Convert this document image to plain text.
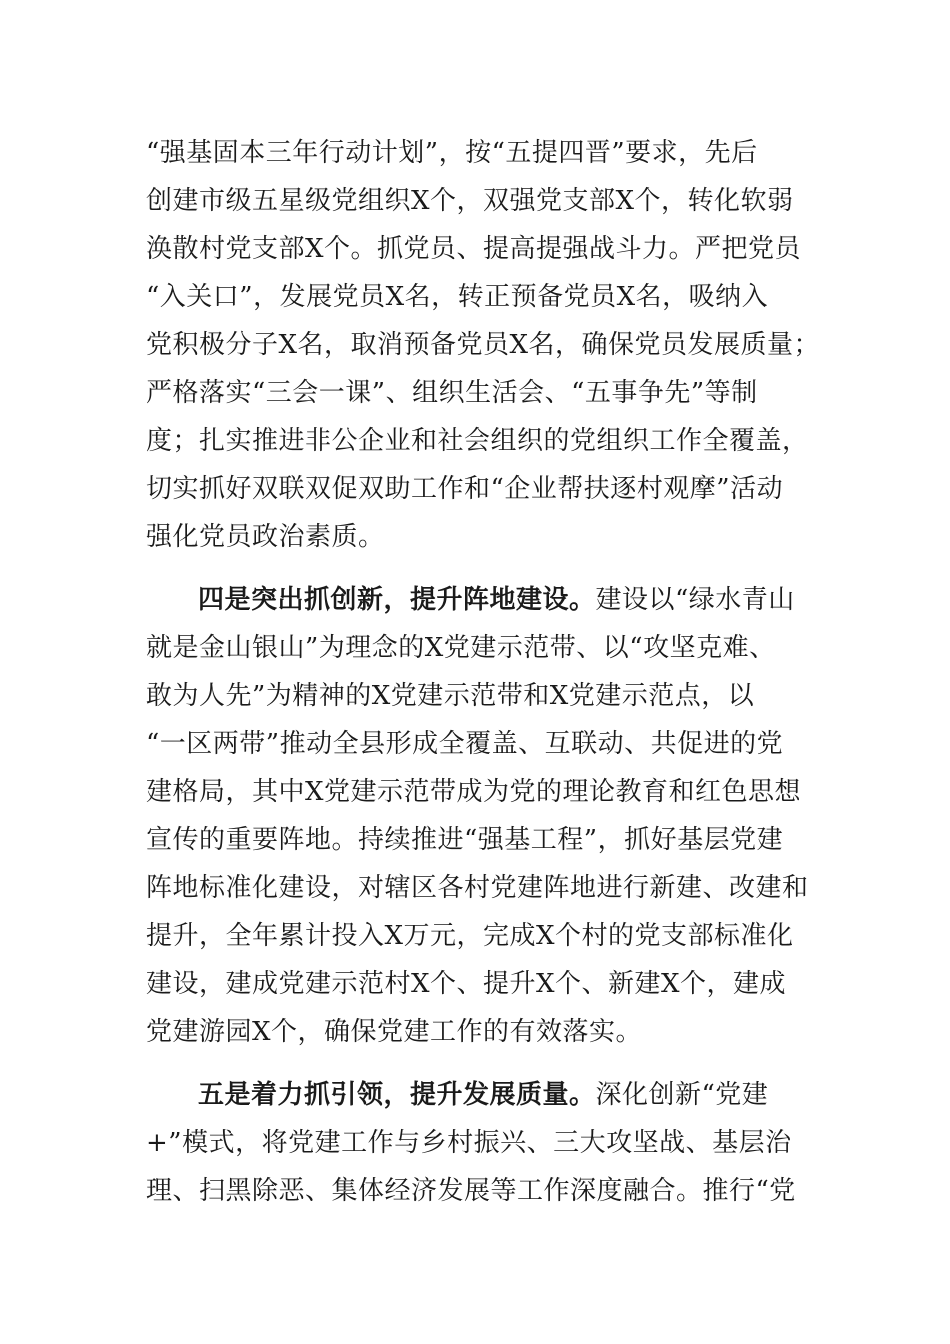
“强基固本三年行动计划”，按“五提四晋”要求，先后
创建市级五星级党组织X个，双强党支部X个，转化软弱
涣散村党支部X个。抓党员、提高提强战斗力。严把党员
“入关口”，发展党员X名，转正预备党员X名，吸纳入
党积极分子X名，取消预备党员X名，确保党员发展质量；
严格落实“三会一课”、组织生活会、“五事争先”等制
度；扎实推进非公企业和社会组织的党组织工作全覆盖，
切实抓好双联双促双助工作和“企业帮扶逐村观摩”活动
强化党员政治素质。
四是突出抓创新，提升阵地建设。建设以“绿水青山
就是金山银山”为理念的X党建示范带、以“攻坚克难、
敢为人先”为精神的X党建示范带和X党建示范点，以
“一区两带”推动全县形成全覆盖、互联动、共促进的党
建格局，其中X党建示范带成为党的理论教育和红色思想
宣传的重要阵地。持续推进“强基工程”，抓好基层党建
阵地标准化建设，对辖区各村党建阵地进行新建、改建和
提升，全年累计投入X万元，完成X个村的党支部标准化
建设，建成党建示范村X个、提升X个、新建X个，建成
党建游园X个，确保党建工作的有效落实。
五是着力抓引领，提升发展质量。深化创新“党建
+”模式，将党建工作与乡村振兴、三大攻坚战、基层治
理、扫黑除恶、集体经济发展等工作深度融合。推行“党
